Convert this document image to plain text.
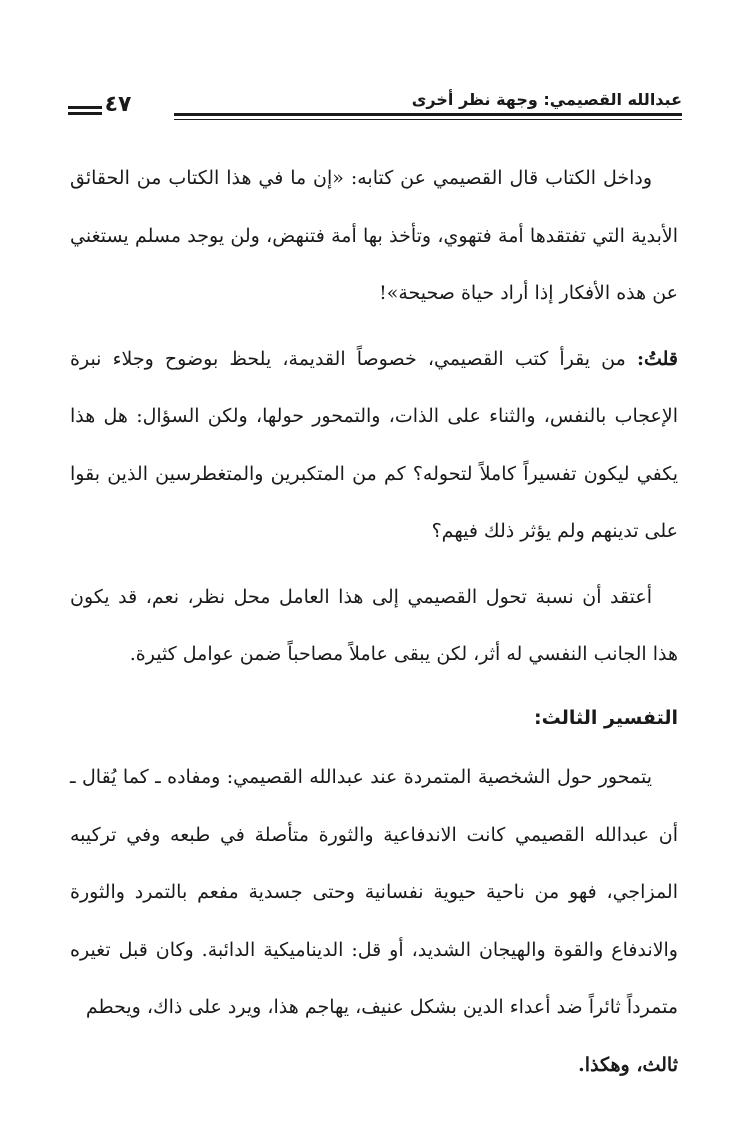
٤٧	عبدالله القصيمي: وجهة نظر أخرى

وداخل الكتاب قال القصيمي عن كتابه: «إن ما في هذا الكتاب من الحقائق الأبدية التي تفتقدها أمة فتهوي، وتأخذ بها أمة فتنهض، ولن يوجد مسلم يستغني عن هذه الأفكار إذا أراد حياة صحيحة»!

قلتُ: من يقرأ كتب القصيمي، خصوصاً القديمة، يلحظ بوضوح وجلاء نبرة الإعجاب بالنفس، والثناء على الذات، والتمحور حولها، ولكن السؤال: هل هذا يكفي ليكون تفسيراً كاملاً لتحوله؟ كم من المتكبرين والمتغطرسين الذين بقوا على تدينهم ولم يؤثر ذلك فيهم؟

أعتقد أن نسبة تحول القصيمي إلى هذا العامل محل نظر، نعم، قد يكون هذا الجانب النفسي له أثر، لكن يبقى عاملاً مصاحباً ضمن عوامل كثيرة.

التفسير الثالث:

يتمحور حول الشخصية المتمردة عند عبدالله القصيمي: ومفاده ـ كما يُقال ـ أن عبدالله القصيمي كانت الاندفاعية والثورة متأصلة في طبعه وفي تركيبه المزاجي، فهو من ناحية حيوية نفسانية وحتى جسدية مفعم بالتمرد والثورة والاندفاع والقوة والهيجان الشديد، أو قل: الديناميكية الدائبة. وكان قبل تغيره متمرداً ثائراً ضد أعداء الدين بشكل عنيف، يهاجم هذا، ويرد على ذاك، ويحطم
ثالث، وهكذا.
